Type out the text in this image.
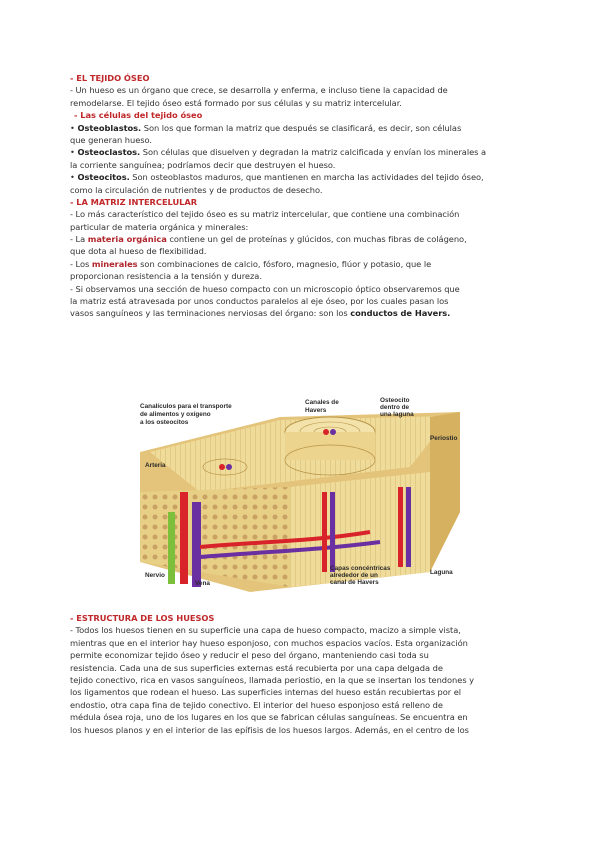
- EL TEJIDO ÓSEO
- Un hueso es un órgano que crece, se desarrolla y enferma, e incluso tiene la capacidad de
remodelarse. El tejido óseo está formado por sus células y su matriz intercelular.
- Las células del tejido óseo
• Osteoblastos. Son los que forman la matriz que después se clasificará, es decir, son células
que generan hueso.
• Osteoclastos. Son células que disuelven y degradan la matriz calcificada y envían los minerales a
la corriente sanguínea; podríamos decir que destruyen el hueso.
• Osteocitos. Son osteoblastos maduros, que mantienen en marcha las actividades del tejido óseo,
como la circulación de nutrientes y de productos de desecho.
- LA MATRIZ INTERCELULAR
- Lo más característico del tejido óseo es su matriz intercelular, que contiene una combinación
particular de materia orgánica y minerales:
- La materia orgánica contiene un gel de proteínas y glúcidos, con muchas fibras de colágeno,
que dota al hueso de flexibilidad.
- Los minerales son combinaciones de calcio, fósforo, magnesio, flúor y potasio, que le
proporcionan resistencia a la tensión y dureza.
- Si observamos una sección de hueso compacto con un microscopio óptico observaremos que
la matriz está atravesada por unos conductos paralelos al eje óseo, por los cuales pasan los
vasos sanguíneos y las terminaciones nerviosas del órgano: son los conductos de Havers.
Canalículos para el transporte
de alimentos y oxígeno
a los osteocitos
Canales de
Havers
Osteocito
dentro de
una laguna
Periostio
Arteria
Nervio
Vena
Capas concéntricas
alrededor de un
canal de Havers
Laguna
- ESTRUCTURA DE LOS HUESOS
- Todos los huesos tienen en su superficie una capa de hueso compacto, macizo a simple vista,
mientras que en el interior hay hueso esponjoso, con muchos espacios vacíos. Esta organización
permite economizar tejido óseo y reducir el peso del órgano, manteniendo casi toda su
resistencia. Cada una de sus superficies externas está recubierta por una capa delgada de
tejido conectivo, rica en vasos sanguíneos, llamada periostio, en la que se insertan los tendones y
los ligamentos que rodean el hueso. Las superficies internas del hueso están recubiertas por el
endostio, otra capa fina de tejido conectivo. El interior del hueso esponjoso está relleno de
médula ósea roja, uno de los lugares en los que se fabrican células sanguíneas. Se encuentra en
los huesos planos y en el interior de las epífisis de los huesos largos. Además, en el centro de los
